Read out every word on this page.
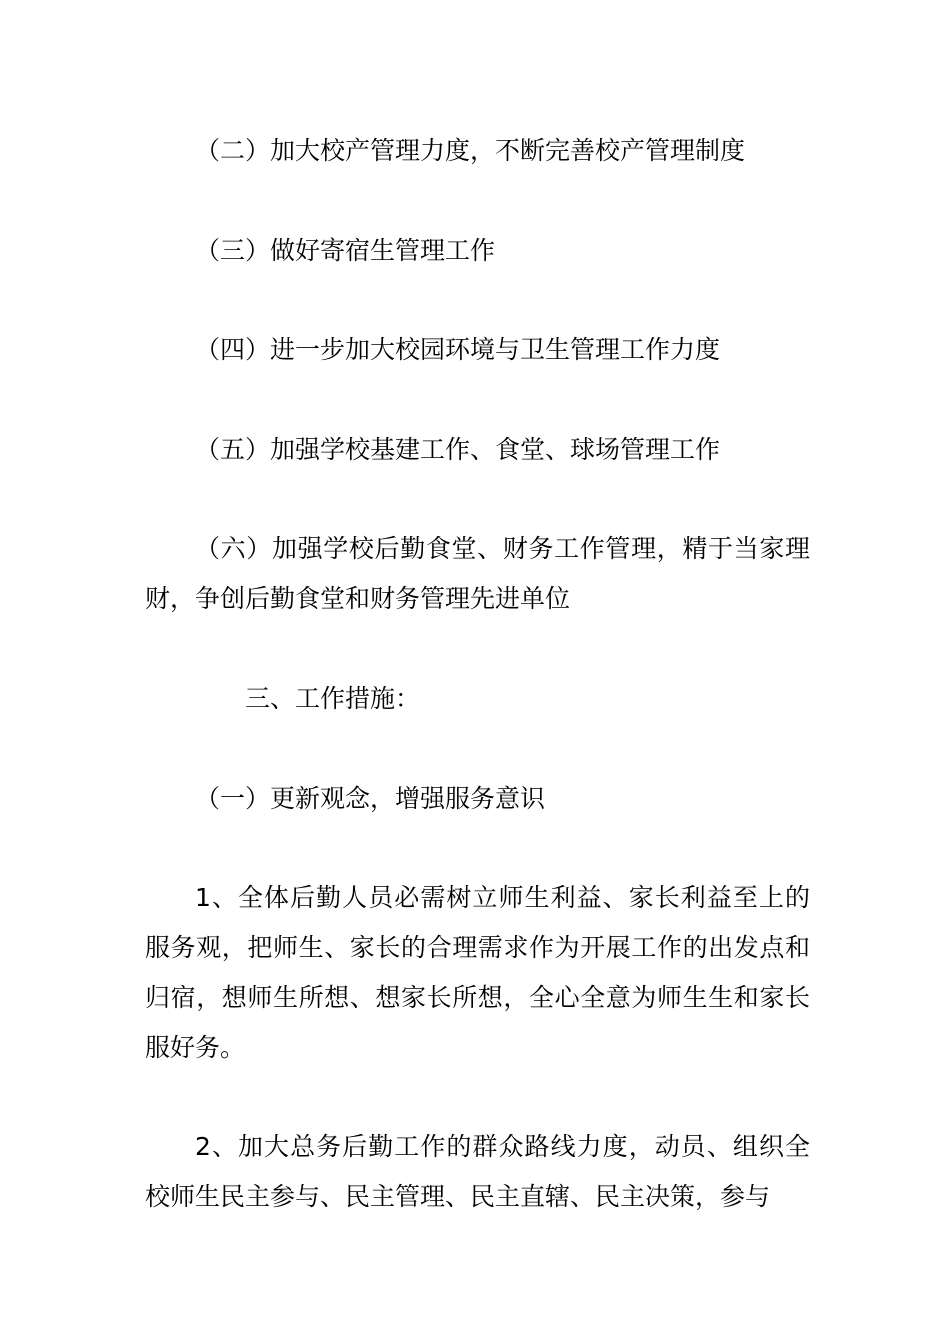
（二）加大校产管理力度，不断完善校产管理制度

（三）做好寄宿生管理工作

（四）进一步加大校园环境与卫生管理工作力度

（五）加强学校基建工作、食堂、球场管理工作

（六）加强学校后勤食堂、财务工作管理，精于当家理财，争创后勤食堂和财务管理先进单位

三、工作措施：

（一）更新观念，增强服务意识

1、全体后勤人员必需树立师生利益、家长利益至上的服务观，把师生、家长的合理需求作为开展工作的出发点和归宿，想师生所想、想家长所想，全心全意为师生生和家长服好务。

2、加大总务后勤工作的群众路线力度，动员、组织全校师生民主参与、民主管理、民主直辖、民主决策，参与
